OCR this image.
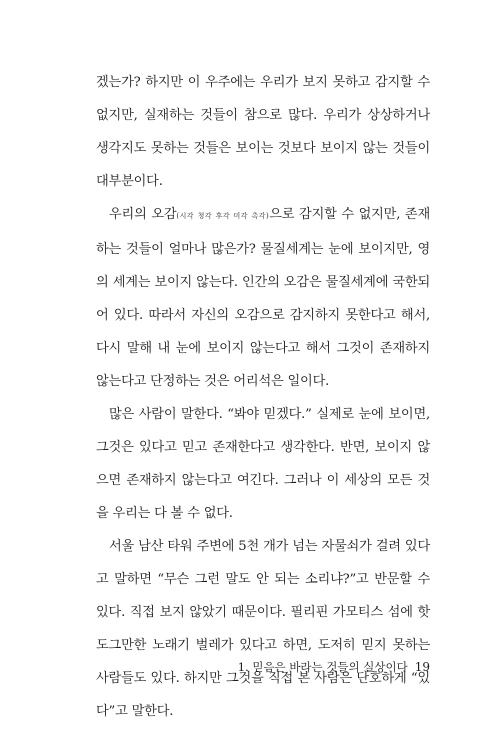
겠는가? 하지만 이 우주에는 우리가 보지 못하고 감지할 수 없지만, 실재하는 것들이 참으로 많다. 우리가 상상하거나 생각지도 못하는 것들은 보이는 것보다 보이지 않는 것들이 대부분이다.

우리의 오감(시각 청각 후각 미각 촉각)으로 감지할 수 없지만, 존재하는 것들이 얼마나 많은가? 물질세계는 눈에 보이지만, 영의 세계는 보이지 않는다. 인간의 오감은 물질세계에 국한되어 있다. 따라서 자신의 오감으로 감지하지 못한다고 해서, 다시 말해 내 눈에 보이지 않는다고 해서 그것이 존재하지 않는다고 단정하는 것은 어리석은 일이다.

많은 사람이 말한다. “봐야 믿겠다.” 실제로 눈에 보이면, 그것은 있다고 믿고 존재한다고 생각한다. 반면, 보이지 않으면 존재하지 않는다고 여긴다. 그러나 이 세상의 모든 것을 우리는 다 볼 수 없다.

서울 남산 타워 주변에 5천 개가 넘는 자물쇠가 걸려 있다고 말하면 “무슨 그런 말도 안 되는 소리냐?”고 반문할 수 있다. 직접 보지 않았기 때문이다. 필리핀 가모티스 섬에 핫도그만한 노래기 벌레가 있다고 하면, 도저히 믿지 못하는 사람들도 있다. 하지만 그것을 직접 본 사람은 단호하게 “있다”고 말한다.

1. 믿음은 바라는 것들의 실상이다 19
